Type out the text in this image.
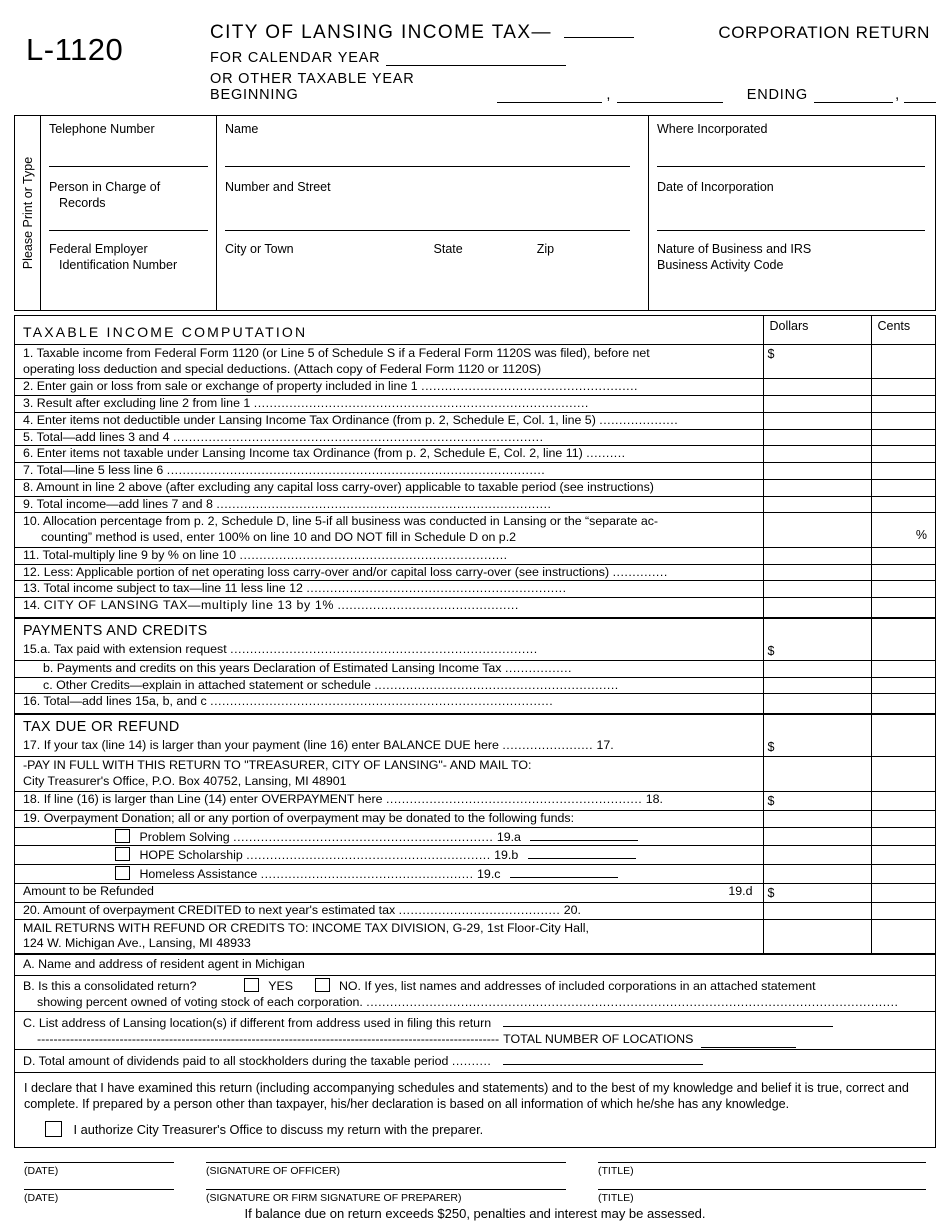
L-1120	CITY OF LANSING INCOME TAX—	CORPORATION RETURN
FOR CALENDAR YEAR
OR OTHER TAXABLE YEAR BEGINNING	,	ENDING	,
Please Print or Type
Telephone Number
Person in Charge of
Records
Federal Employer
Identification Number
Name
Number and Street
City or Town	State	Zip
Where Incorporated
Date of Incorporation
Nature of Business and IRS
Business Activity Code
TAXABLE INCOME COMPUTATION	Dollars	Cents

1. Taxable income from Federal Form 1120 (or Line 5 of Schedule S if a Federal Form 1120S was filed), before net
operating loss deduction and special deductions. (Attach copy of Federal Form 1120 or 1120S)	$	
2. Enter gain or loss from sale or exchange of property included in line 1 .......................................................		
3. Result after excluding line 2 from line 1 .....................................................................................		
4. Enter items not deductible under Lansing Income Tax Ordinance (from p. 2, Schedule E, Col. 1, line 5) ....................		
5. Total—add lines 3 and 4 ..............................................................................................		
6. Enter items not taxable under Lansing Income tax Ordinance (from p. 2, Schedule E, Col. 2, line 11) ..........		
7. Total—line 5 less line 6 ................................................................................................		
8. Amount in line 2 above (after excluding any capital loss carry-over) applicable to taxable period (see instructions)		
9. Total income—add lines 7 and 8 .....................................................................................		

10. Allocation percentage from p. 2, Schedule D, line 5-if all business was conducted in Lansing or the “separate ac-
counting” method is used, enter 100% on line 10 and DO NOT fill in Schedule D on p.2		%

11. Total-multiply line 9 by % on line 10 ....................................................................		
12. Less: Applicable portion of net operating loss carry-over and/or capital loss carry-over (see instructions) ..............		
13. Total income subject to tax—line 11 less line 12 ..................................................................		
14. CITY OF LANSING TAX—multiply line 13 by 1% ..............................................		
PAYMENTS AND CREDITS		

15.a. Tax paid with extension request ..............................................................................	$	
b. Payments and credits on this years Declaration of Estimated Lansing Income Tax .................		
c. Other Credits—explain in attached statement or schedule ..............................................................		
16. Total—add lines 15a, b, and c .......................................................................................		
TAX DUE OR REFUND		

17. If your tax (line 14) is larger than your payment (line 16) enter BALANCE DUE here ....................... 17.	$	

-PAY IN FULL WITH THIS RETURN TO "TREASURER, CITY OF LANSING"- AND MAIL TO:
City Treasurer's Office, P.O. Box 40752, Lansing, MI 48901		

18. If line (16) is larger than Line (14) enter OVERPAYMENT here ................................................................. 18.	$	
19. Overpayment Donation; all or any portion of overpayment may be donated to the following funds:		
Problem Solving .................................................................. 19.a		
HOPE Scholarship .............................................................. 19.b		
Homeless Assistance ...................................................... 19.c		
Amount to be Refunded 19.d	$	
20. Amount of overpayment CREDITED to next year's estimated tax ......................................... 20.		

MAIL RETURNS WITH REFUND OR CREDITS TO: INCOME TAX DIVISION, G-29, 1st Floor-City Hall,
124 W. Michigan Ave., Lansing, MI 48933		

A. Name and address of resident agent in Michigan
B. Is this a consolidated return?	YES	NO. If yes, list names and addresses of included corporations in an attached statement
showing percent owned of voting stock of each corporation. .......................................................................................................................................
C. List address of Lansing location(s) if different from address used in filing this return
---------------------------------------------------------------------------------------------------------------- TOTAL NUMBER OF LOCATIONS
D. Total amount of dividends paid to all stockholders during the taxable period ..........
I declare that I have examined this return (including accompanying schedules and statements) and to the best of my knowledge and belief it is true, correct and complete. If prepared by a person other than taxpayer, his/her declaration is based on all information of which he/she has any knowledge.
I authorize City Treasurer's Office to discuss my return with the preparer.
(DATE)	(SIGNATURE OF OFFICER)	(TITLE)
(DATE)	(SIGNATURE OR FIRM SIGNATURE OF PREPARER)	(TITLE)
If balance due on return exceeds $250, penalties and interest may be assessed.
